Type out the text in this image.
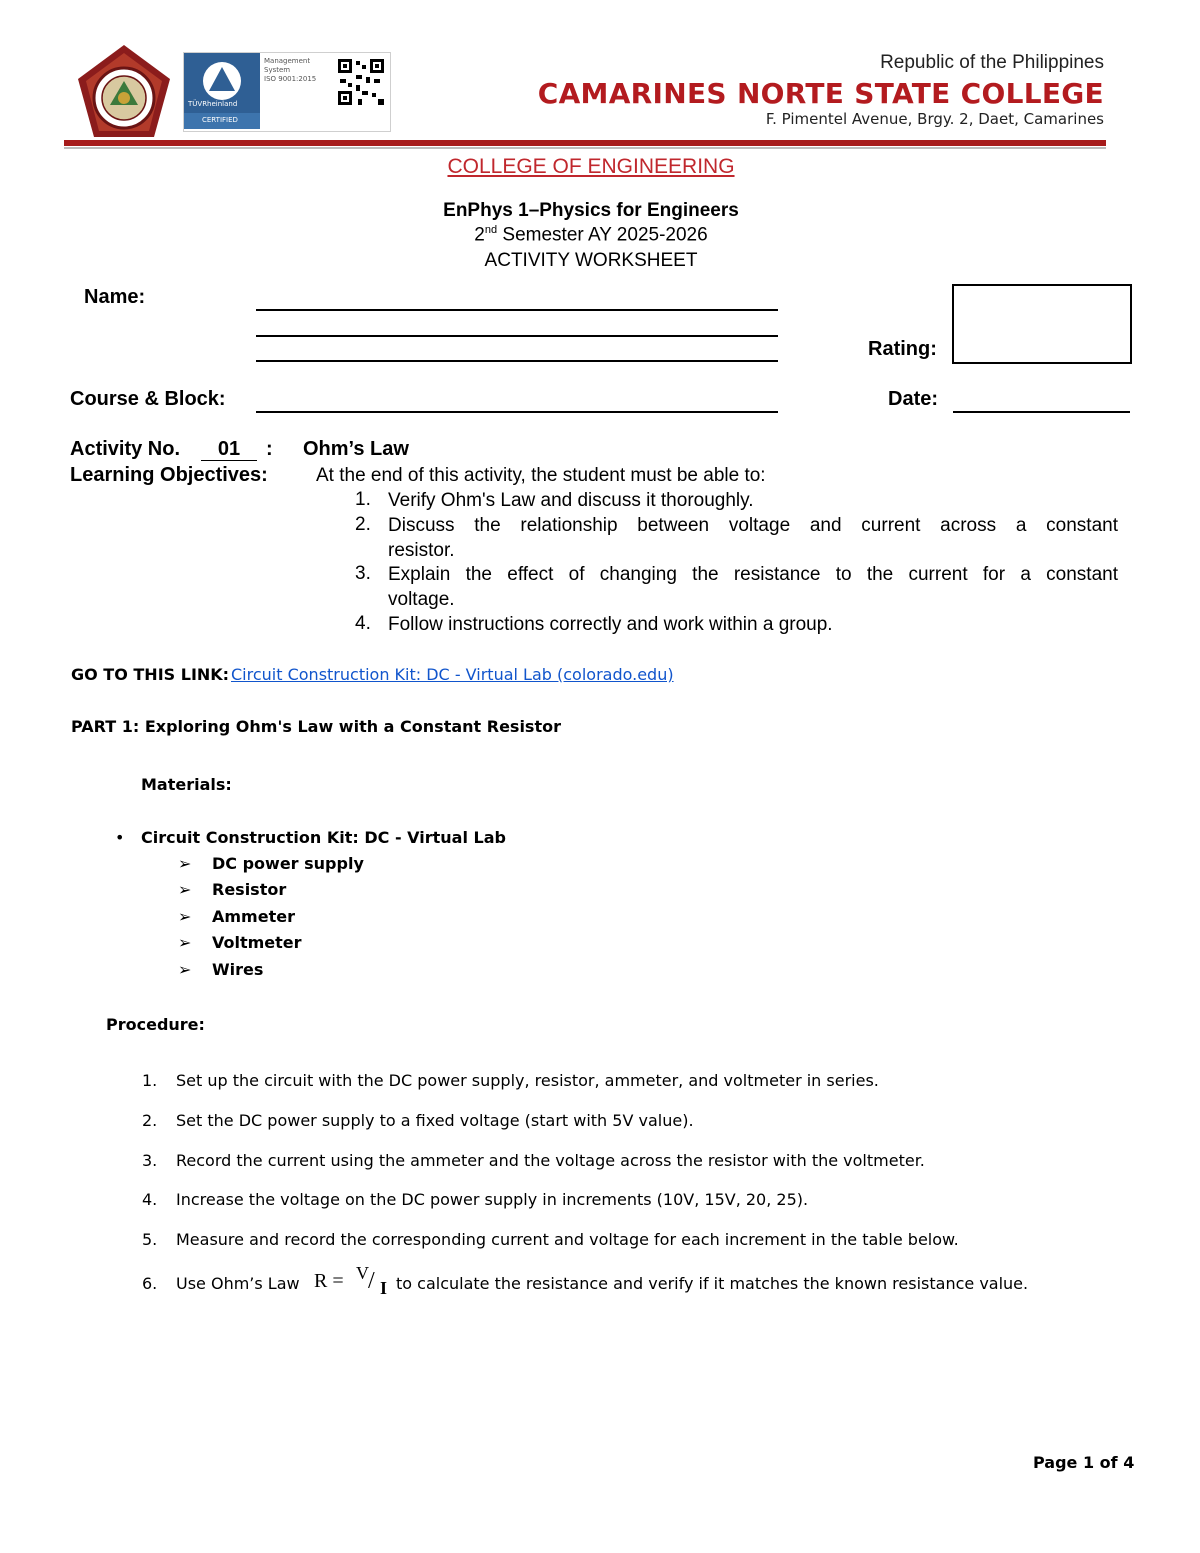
TÜVRheinland
CERTIFIED
Management
System
ISO 9001:2015
Republic of the Philippines
CAMARINES NORTE STATE COLLEGE
F. Pimentel Avenue, Brgy. 2, Daet, Camarines
COLLEGE OF ENGINEERING
EnPhys 1–Physics for Engineers
2nd Semester AY 2025-2026
ACTIVITY WORKSHEET
Name:
Rating:
Course & Block:	Date:
Activity No.	01	: Ohm’s Law
Learning Objectives:	At the end of this activity, the student must be able to:
1. Verify Ohm's Law and discuss it thoroughly.
2.
3.
4. Follow instructions correctly and work within a group.
GO TO THIS LINK: Circuit Construction Kit: DC - Virtual Lab (colorado.edu)
PART 1: Exploring Ohm's Law with a Constant Resistor
Materials:
• Circuit Construction Kit: DC - Virtual Lab
➢ DC power supply
➢ Resistor
➢ Ammeter
➢ Voltmeter
➢ Wires
Procedure:
1. Set up the circuit with the DC power supply, resistor, ammeter, and voltmeter in series.
2. Set the DC power supply to a fixed voltage (start with 5V value).
3. Record the current using the ammeter and the voltage across the resistor with the voltmeter.
4. Increase the voltage on the DC power supply in increments (10V, 15V, 20, 25).
5. Measure and record the corresponding current and voltage for each increment in the table below.
6. Use Ohm’s Law R = V / I to calculate the resistance and verify if it matches the known resistance value.
Page 1 of 4
Discuss the relationship between voltage and current across a constant
resistor.
Explain the effect of changing the resistance to the current for a constant
voltage.
